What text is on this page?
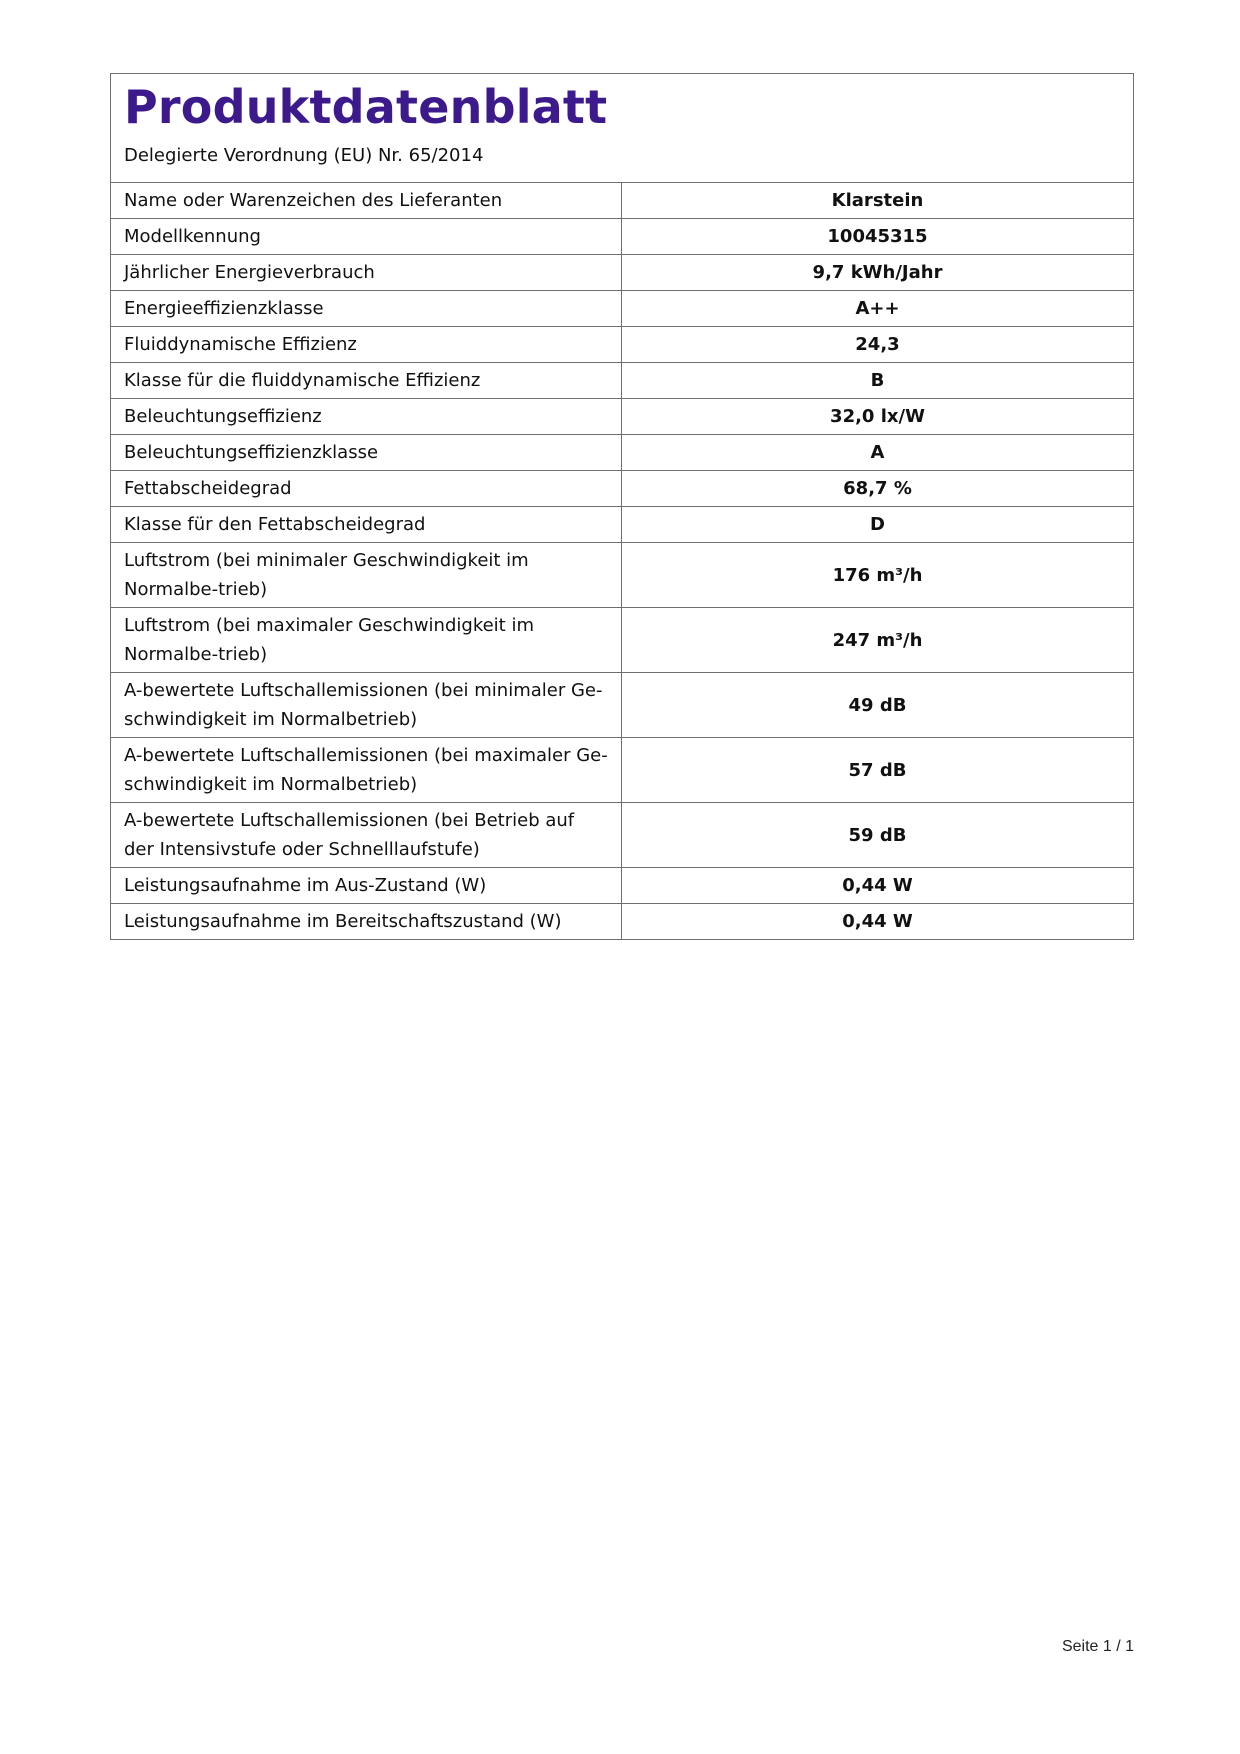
Produktdatenblatt

Delegierte Verordnung (EU) Nr. 65/2014

Name oder Warenzeichen des Lieferanten	Klarstein
Modellkennung	10045315
Jährlicher Energieverbrauch	9,7 kWh/Jahr
Energieeffizienzklasse	A++
Fluiddynamische Effizienz	24,3
Klasse für die fluiddynamische Effizienz	B
Beleuchtungseffizienz	32,0 lx/W
Beleuchtungseffizienzklasse	A
Fettabscheidegrad	68,7 %
Klasse für den Fettabscheidegrad	D
Luftstrom (bei minimaler Geschwindigkeit im Normalbe-trieb)	176 m³/h
Luftstrom (bei maximaler Geschwindigkeit im Normalbe-trieb)	247 m³/h
A-bewertete Luftschallemissionen (bei minimaler Ge-schwindigkeit im Normalbetrieb)	49 dB
A-bewertete Luftschallemissionen (bei maximaler Ge-schwindigkeit im Normalbetrieb)	57 dB
A-bewertete Luftschallemissionen (bei Betrieb auf der Intensivstufe oder Schnelllaufstufe)	59 dB
Leistungsaufnahme im Aus-Zustand (W)	0,44 W
Leistungsaufnahme im Bereitschaftszustand (W)	0,44 W
Seite 1 / 1
